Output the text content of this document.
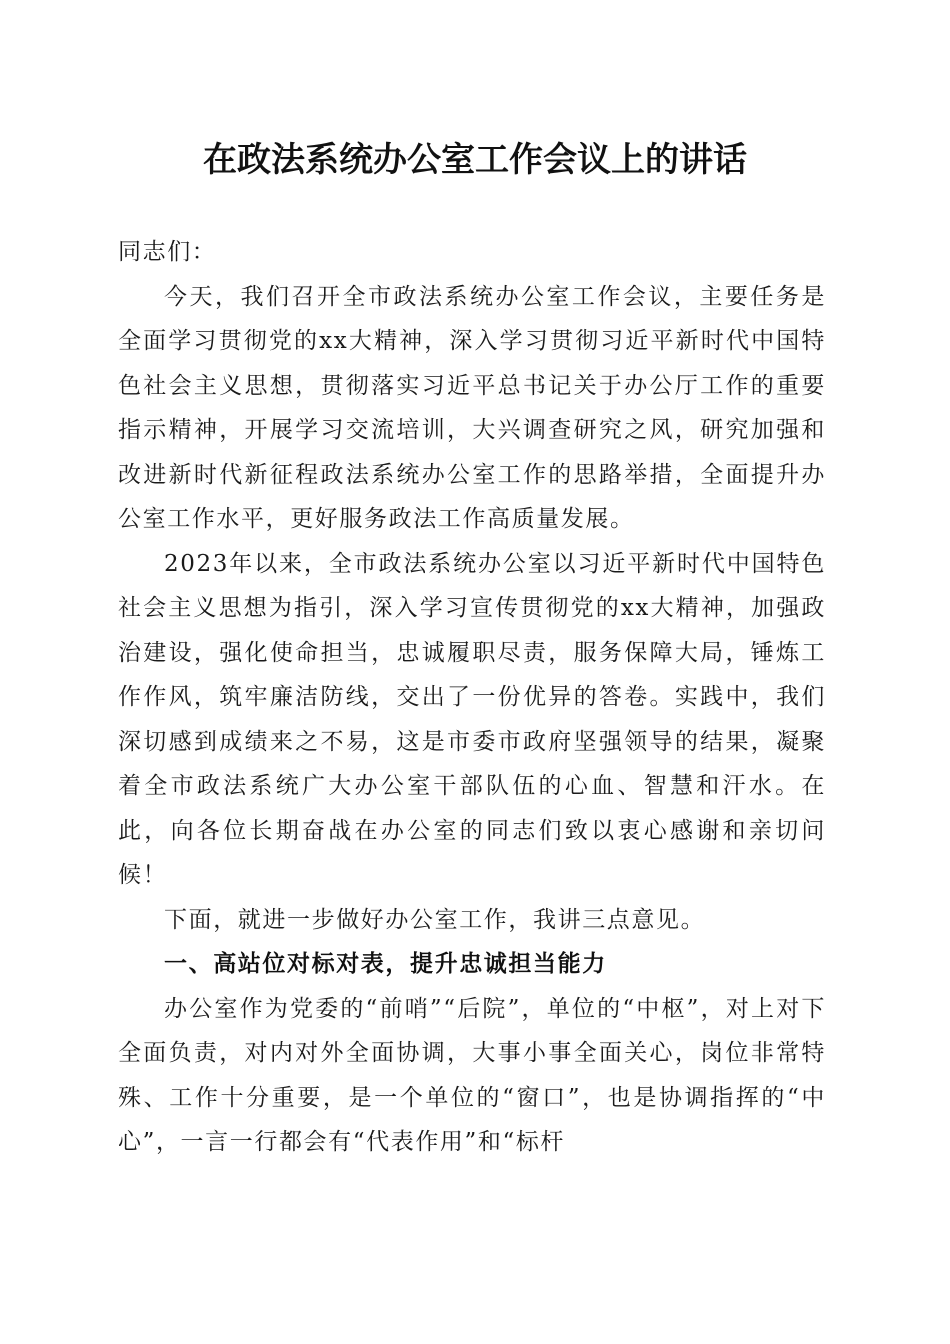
在政法系统办公室工作会议上的讲话

同志们：

今天，我们召开全市政法系统办公室工作会议，主要任务是全面学习贯彻党的xx大精神，深入学习贯彻习近平新时代中国特色社会主义思想，贯彻落实习近平总书记关于办公厅工作的重要指示精神，开展学习交流培训，大兴调查研究之风，研究加强和改进新时代新征程政法系统办公室工作的思路举措，全面提升办公室工作水平，更好服务政法工作高质量发展。

2023年以来，全市政法系统办公室以习近平新时代中国特色社会主义思想为指引，深入学习宣传贯彻党的xx大精神，加强政治建设，强化使命担当，忠诚履职尽责，服务保障大局，锤炼工作作风，筑牢廉洁防线，交出了一份优异的答卷。实践中，我们深切感到成绩来之不易，这是市委市政府坚强领导的结果，凝聚着全市政法系统广大办公室干部队伍的心血、智慧和汗水。在此，向各位长期奋战在办公室的同志们致以衷心感谢和亲切问候！

下面，就进一步做好办公室工作，我讲三点意见。

一、高站位对标对表，提升忠诚担当能力

办公室作为党委的“前哨”“后院”，单位的“中枢”，对上对下全面负责，对内对外全面协调，大事小事全面关心，岗位非常特殊、工作十分重要，是一个单位的“窗口”，也是协调指挥的“中心”，一言一行都会有“代表作用”和“标杆
